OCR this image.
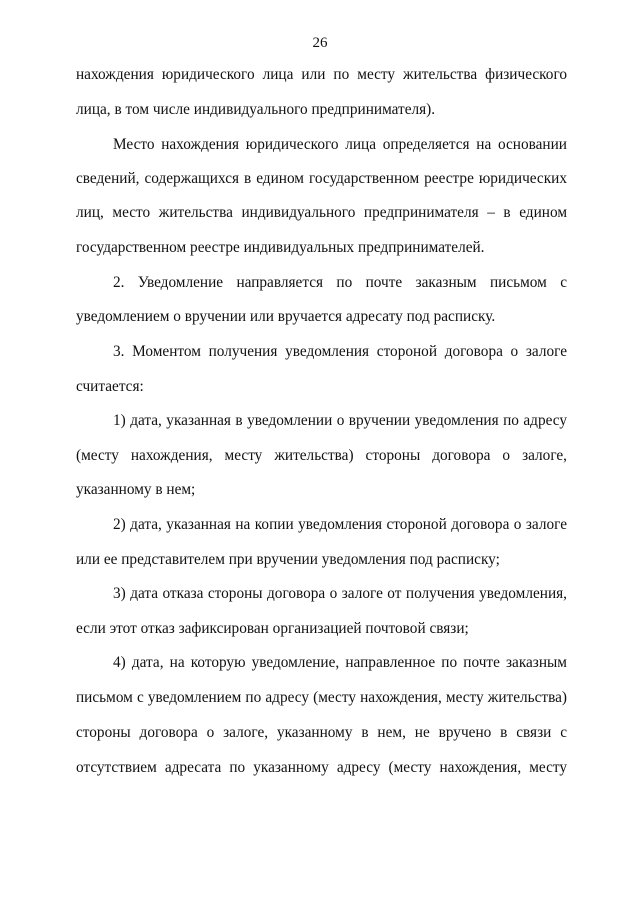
26
нахождения юридического лица или по месту жительства физического
лица, в том числе индивидуального предпринимателя).
Место нахождения юридического лица определяется на основании
сведений, содержащихся в едином государственном реестре юридических
лиц, место жительства индивидуального предпринимателя – в едином
государственном реестре индивидуальных предпринимателей.
2. Уведомление направляется по почте заказным письмом с
уведомлением о вручении или вручается адресату под расписку.
3. Моментом получения уведомления стороной договора о залоге
считается:
1) дата, указанная в уведомлении о вручении уведомления по адресу
(месту нахождения, месту жительства) стороны договора о залоге,
указанному в нем;
2) дата, указанная на копии уведомления стороной договора о залоге
или ее представителем при вручении уведомления под расписку;
3) дата отказа стороны договора о залоге от получения уведомления,
если этот отказ зафиксирован организацией почтовой связи;
4) дата, на которую уведомление, направленное по почте заказным
письмом с уведомлением по адресу (месту нахождения, месту жительства)
стороны договора о залоге, указанному в нем, не вручено в связи с
отсутствием адресата по указанному адресу (месту нахождения, месту
